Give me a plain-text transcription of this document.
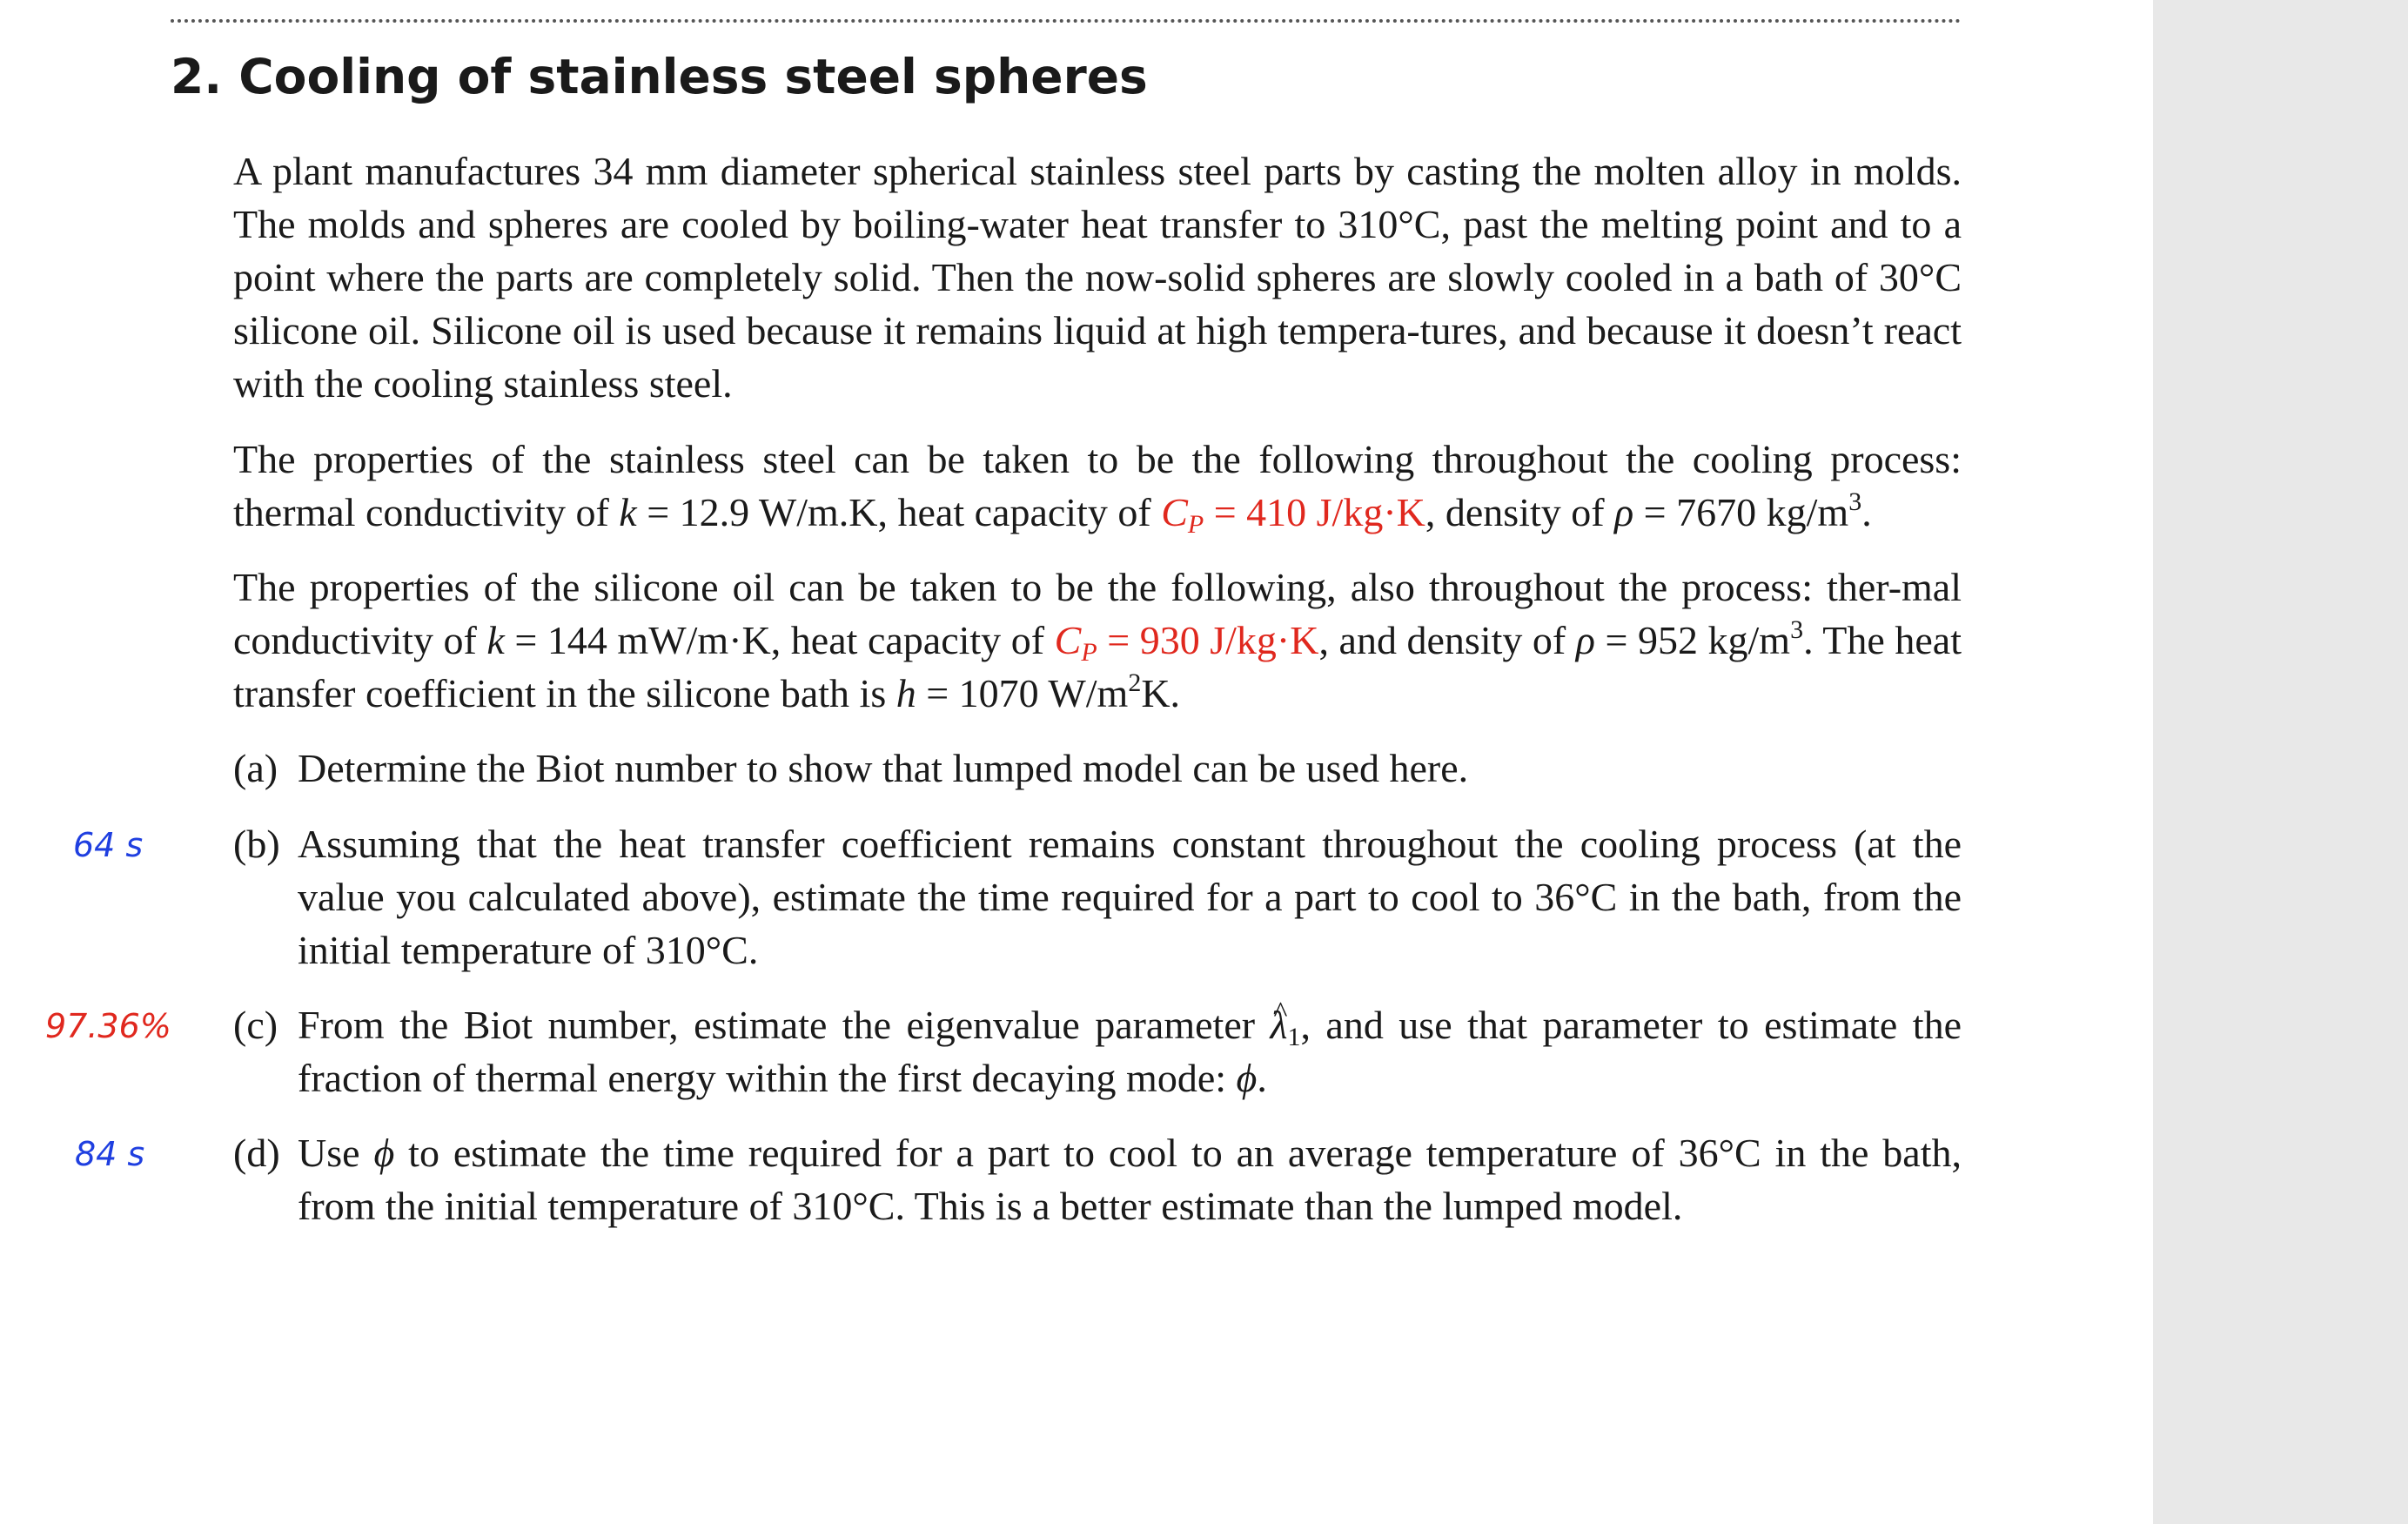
2. Cooling of stainless steel spheres

A plant manufactures 34 mm diameter spherical stainless steel parts by casting the molten alloy in molds. The molds and spheres are cooled by boiling-water heat transfer to 310°C, past the melting point and to a point where the parts are completely solid. Then the now-solid spheres are slowly cooled in a bath of 30°C silicone oil. Silicone oil is used because it remains liquid at high tempera-tures, and because it doesn’t react with the cooling stainless steel.

The properties of the stainless steel can be taken to be the following throughout the cooling process: thermal conductivity of k = 12.9 W/m.K, heat capacity of $C_P = 410$ J/kg·K, density of ρ = 7670 $kg/m^3$.

The properties of the silicone oil can be taken to be the following, also throughout the process: ther-mal conductivity of k = 144 mW/m·K, heat capacity of $C_P = 930$ J/kg·K, and density of ρ = 952 $kg/m^3$. The heat transfer coefficient in the silicone bath is h = 1070 $W/m^2K$.

(a) Determine the Biot number to show that lumped model can be used here.
(b) Assuming that the heat transfer coefficient remains constant throughout the cooling process (at the value you calculated above), estimate the time required for a part to cool to 36°C in the bath, from the initial temperature of 310°C.
(c) From the Biot number, estimate the eigenvalue parameter ^ $\lambda_1$, and use that parameter to estimate the fraction of thermal energy within the first decaying mode: ϕ.
(d) Use ϕ to estimate the time required for a part to cool to an average temperature of 36°C in the bath, from the initial temperature of 310°C. This is a better estimate than the lumped model.
64 s
97.36%
84 s
